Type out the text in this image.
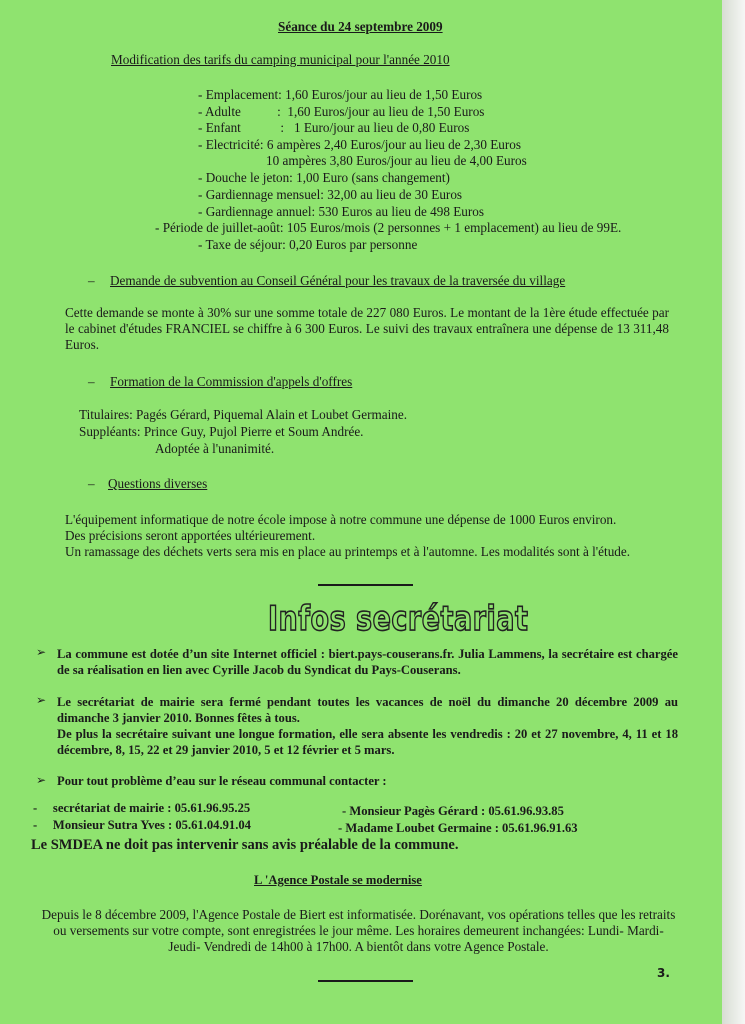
Séance du 24 septembre 2009
Modification des tarifs du camping municipal pour l'année 2010
- Emplacement: 1,60 Euros/jour au lieu de 1,50 Euros
- Adulte           :  1,60 Euros/jour au lieu de 1,50 Euros
- Enfant            :   1 Euro/jour au lieu de 0,80 Euros
- Electricité: 6 ampères 2,40 Euros/jour au lieu de 2,30 Euros
10 ampères 3,80 Euros/jour au lieu de 4,00 Euros
- Douche le jeton: 1,00 Euro (sans changement)
- Gardiennage mensuel: 32,00 au lieu de 30 Euros
- Gardiennage annuel: 530 Euros au lieu de 498 Euros
- Période de juillet-août: 105 Euros/mois (2 personnes + 1 emplacement) au lieu de 99E.
- Taxe de séjour: 0,20 Euros par personne
– Demande de subvention au Conseil Général pour les travaux de la traversée du village
Cette demande se monte à 30% sur une somme totale de 227 080 Euros. Le montant de la 1ère étude effectuée par le cabinet d'études FRANCIEL se chiffre à 6 300 Euros. Le suivi des travaux entraînera une dépense de 13 311,48 Euros.
– Formation de la Commission d'appels d'offres
Titulaires: Pagés Gérard, Piquemal Alain et Loubet Germaine.
Suppléants: Prince Guy, Pujol Pierre et Soum Andrée.
Adoptée à l'unanimité.
– Questions diverses
L'équipement informatique de notre école impose à notre commune une dépense de 1000 Euros environ.
Des précisions seront apportées ultérieurement.
Un ramassage des déchets verts sera mis en place au printemps et à l'automne. Les modalités sont à l'étude.
Infos secrétariat
➢ La commune est dotée d’un site Internet officiel : biert.pays-couserans.fr. Julia Lammens, la secrétaire est chargée de sa réalisation en lien avec Cyrille Jacob du Syndicat du Pays-Couserans.
➢ Le secrétariat de mairie sera fermé pendant toutes les vacances de noël du dimanche 20 décembre 2009 au dimanche 3 janvier 2010. Bonnes fêtes à tous.
De plus la secrétaire suivant une longue formation, elle sera absente les vendredis : 20 et 27 novembre, 4, 11 et 18 décembre, 8, 15, 22 et 29 janvier 2010, 5 et 12 février et 5 mars.
➢ Pour tout problème d’eau sur le réseau communal contacter :
-     secrétariat de mairie : 05.61.96.95.25	- Monsieur Pagès Gérard : 05.61.96.93.85
-     Monsieur Sutra Yves : 05.61.04.91.04	- Madame Loubet Germaine : 05.61.96.91.63
Le SMDEA ne doit pas intervenir sans avis préalable de la commune.
L 'Agence Postale se modernise
Depuis le 8 décembre 2009, l'Agence Postale de Biert est informatisée. Dorénavant, vos opérations telles que les retraits ou versements sur votre compte, sont enregistrées le jour même. Les horaires demeurent inchangées: Lundi- Mardi- Jeudi- Vendredi de 14h00 à 17h00. A bientôt dans votre Agence Postale.
3.
